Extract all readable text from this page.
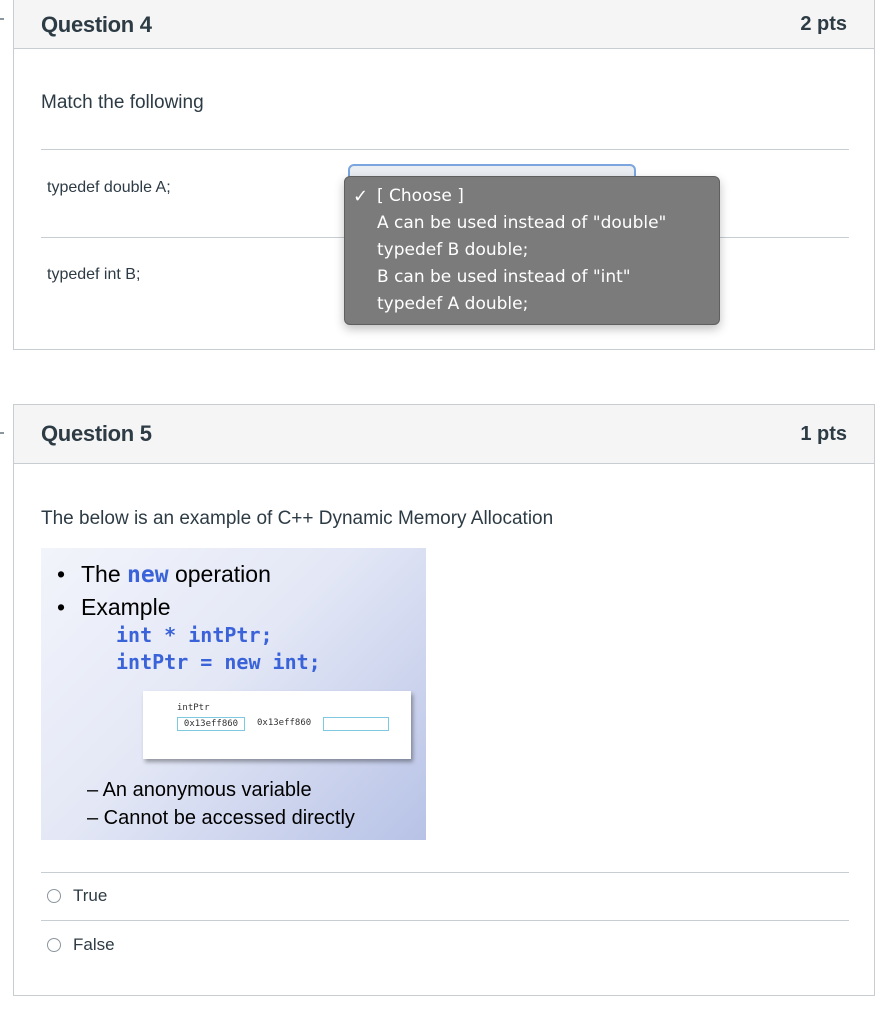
Question 4	2 pts
Match the following
typedef double A;
typedef int B;
✓ [ Choose ]
A can be used instead of "double"
typedef B double;
B can be used instead of "int"
typedef A double;
Question 5	1 pts
The below is an example of C++ Dynamic Memory Allocation
• The new operation
• Example
int * intPtr;
intPtr = new int;
intPtr
0x13eff860	0x13eff860
– An anonymous variable
– Cannot be accessed directly
True
False
